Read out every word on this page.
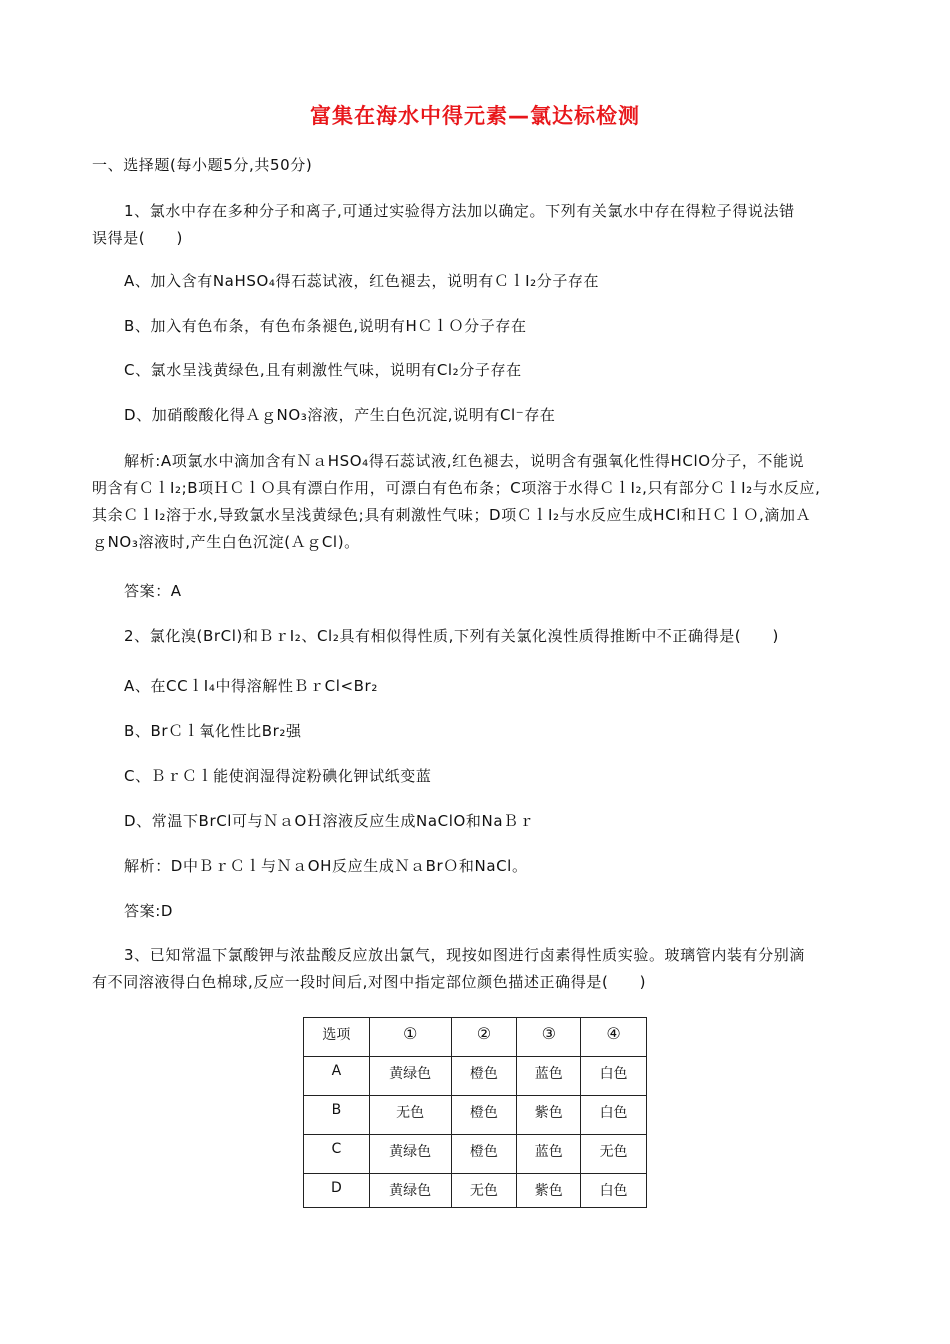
富集在海水中得元素—氯达标检测
一、选择题(每小题5分,共50分)
1、氯水中存在多种分子和离子,可通过实验得方法加以确定。下列有关氯水中存在得粒子得说法错
误得是(　　)
A、加入含有NaHSO₄得石蕊试液，红色褪去，说明有ＣｌI₂分子存在
B、加入有色布条，有色布条褪色,说明有HＣｌＯ分子存在
C、氯水呈浅黄绿色,且有刺激性气味，说明有Cl₂分子存在
D、加硝酸酸化得ＡｇNO₃溶液，产生白色沉淀,说明有Cl⁻存在
解析:A项氯水中滴加含有ＮａHSO₄得石蕊试液,红色褪去，说明含有强氧化性得HClO分子，不能说
明含有ＣｌI₂;B项ＨＣｌＯ具有漂白作用，可漂白有色布条；C项溶于水得ＣｌI₂,只有部分ＣｌI₂与水反应,
其余ＣｌI₂溶于水,导致氯水呈浅黄绿色;具有刺激性气味；D项ＣｌI₂与水反应生成HCl和ＨＣｌＯ,滴加Ａ
ｇNO₃溶液时,产生白色沉淀(ＡｇCl)。
答案：A
2、氯化溴(BrCl)和ＢｒI₂、Cl₂具有相似得性质,下列有关氯化溴性质得推断中不正确得是(　　)
A、在CCｌI₄中得溶解性ＢｒCl<Br₂
B、BrＣｌ氧化性比Br₂强
C、ＢｒＣｌ能使润湿得淀粉碘化钾试纸变蓝
D、常温下BrCl可与ＮａOＨ溶液反应生成NaClO和NaＢｒ
解析：D中ＢｒＣｌ与ＮａOH反应生成ＮａBrＯ和NaCl。
答案:D
3、已知常温下氯酸钾与浓盐酸反应放出氯气，现按如图进行卤素得性质实验。玻璃管内装有分别滴
有不同溶液得白色棉球,反应一段时间后,对图中指定部位颜色描述正确得是(　　)
选项	①	②	③	④
A	黄绿色	橙色	蓝色	白色
B	无色	橙色	紫色	白色
C	黄绿色	橙色	蓝色	无色
D	黄绿色	无色	紫色	白色
